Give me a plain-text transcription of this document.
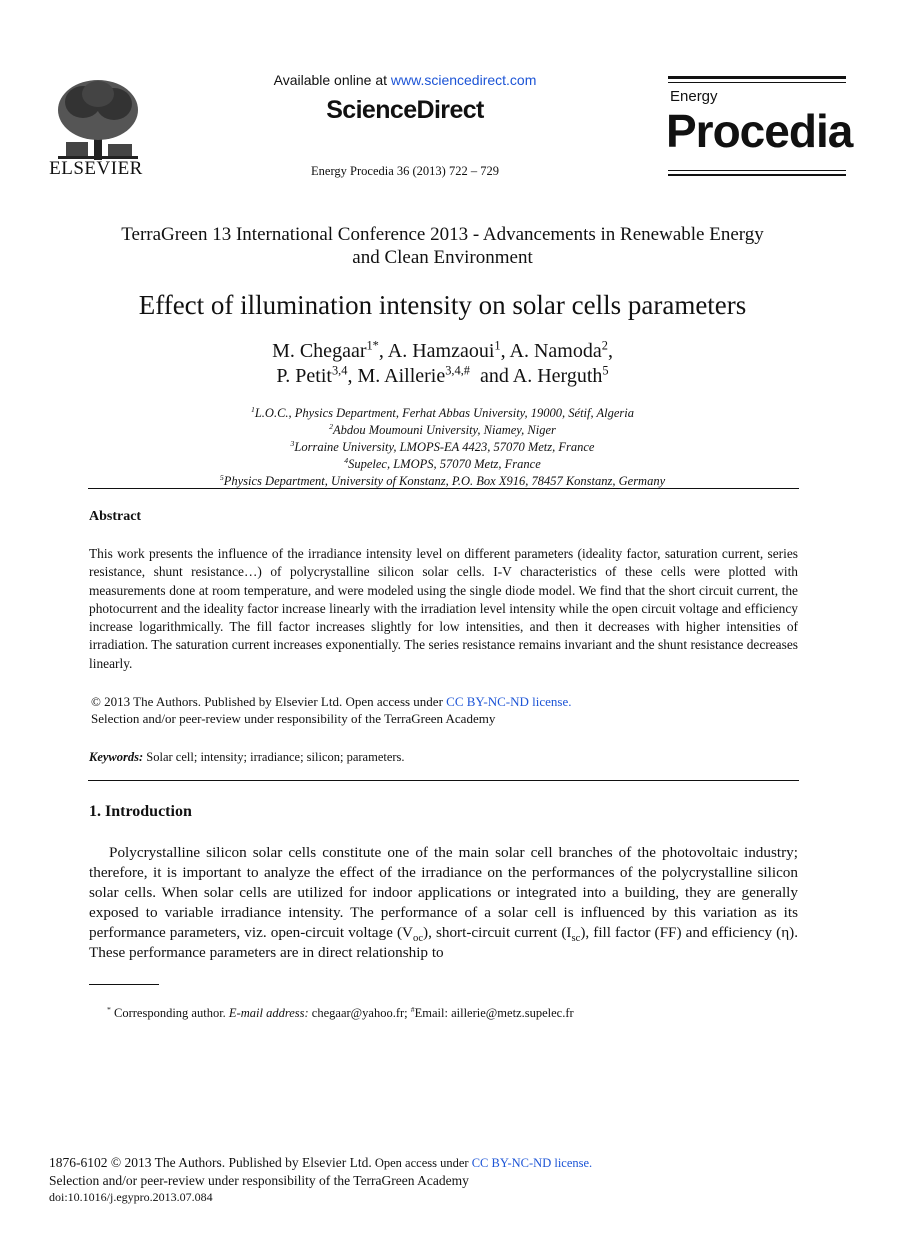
ELSEVIER
Available online at www.sciencedirect.com
ScienceDirect
Energy Procedia 36 (2013) 722 – 729
Energy
Procedia
TerraGreen 13 International Conference 2013 - Advancements in Renewable Energy
and Clean Environment
Effect of illumination intensity on solar cells parameters
M. Chegaar$^{1*}$, A. Hamzaoui$^1$, A. Namoda$^2$,
P. Petit$^{3,4}$, M. Aillerie$^{3,4,\#}$ and A. Herguth$^5$
$^1$L.O.C., Physics Department, Ferhat Abbas University, 19000, Sétif, Algeria
$^2$Abdou Moumouni University, Niamey, Niger
$^3$Lorraine University, LMOPS-EA 4423, 57070 Metz, France
$^4$Supelec, LMOPS, 57070 Metz, France
$^5$Physics Department, University of Konstanz, P.O. Box X916, 78457 Konstanz, Germany
Abstract
This work presents the influence of the irradiance intensity level on different parameters (ideality factor, saturation current, series resistance, shunt resistance…) of polycrystalline silicon solar cells. I-V characteristics of these cells were plotted with measurements done at room temperature, and were modeled using the single diode model. We find that the short circuit current, the photocurrent and the ideality factor increase linearly with the irradiation level intensity while the open circuit voltage and efficiency increase logarithmically. The fill factor increases slightly for low intensities, and then it decreases with higher intensities of irradiation. The saturation current increases exponentially. The series resistance remains invariant and the shunt resistance decreases linearly.
© 2013 The Authors. Published by Elsevier Ltd. Open access under CC BY-NC-ND license.
Selection and/or peer-review under responsibility of the TerraGreen Academy
Keywords: Solar cell; intensity; irradiance; silicon; parameters.
1. Introduction
Polycrystalline silicon solar cells constitute one of the main solar cell branches of the photovoltaic industry; therefore, it is important to analyze the effect of the irradiance on the performances of the polycrystalline silicon solar cells. When solar cells are utilized for indoor applications or integrated into a building, they are generally exposed to variable irradiance intensity. The performance of a solar cell is influenced by this variation as its performance parameters, viz. open-circuit voltage $(V_{oc})$, short-circuit current $(I_{sc})$, fill factor (FF) and efficiency (η). These performance parameters are in direct relationship to
* Corresponding author. E-mail address: chegaar@yahoo.fr; #Email: aillerie@metz.supelec.fr
1876-6102 © 2013 The Authors. Published by Elsevier Ltd. Open access under CC BY-NC-ND license.
Selection and/or peer-review under responsibility of the TerraGreen Academy
doi:10.1016/j.egypro.2013.07.084
